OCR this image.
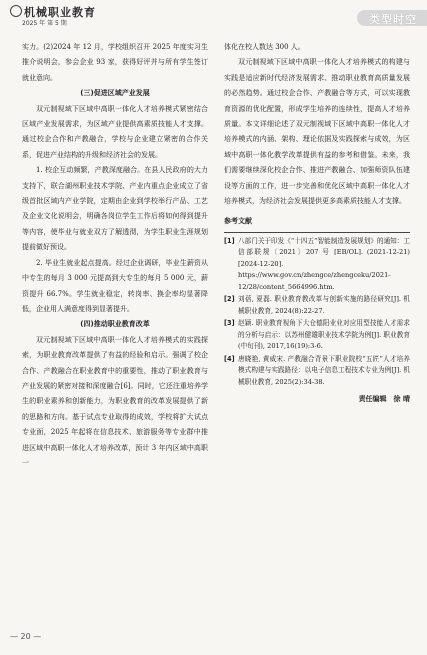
机械职业教育
2025 年 第 5 期	类型时空

实力。(2)2024 年 12 月，学校组织召开 2025 年度实习生推介说明会，参会企业 93 家，获得好评并与所有学生签订就业意向。

(三)促进区域产业发展

双元制视域下区域中高职一体化人才培养模式紧密结合区域产业发展需求，为区域产业提供高素质技能人才支撑。通过校企合作和产教融合，学校与企业建立紧密的合作关系，促进产业结构的升级和经济社会的发展。

1. 校企互动频繁，产教深度融合。在县人民政府的大力支持下，联合湖州职业技术学院、产业内重点企业成立了省级首批区域内产业学院，定期由企业到学校举行产品、工艺及企业文化说明会，明确各岗位学生工作后将如何得到提升等内容，使毕业与就业双方了解透彻，为学生职业生涯规划提前做好预设。

2. 毕业生就业起点提高。经过企业调研，毕业生薪资从中专生的每月 3 000 元提高到大专生的每月 5 000 元，薪资提升 66.7%。学生就业稳定，转岗率、换企率均显著降低，企业用人满意度得到显著提升。

(四)推动职业教育改革

双元制视域下区域中高职一体化人才培养模式的实践探索，为职业教育改革提供了有益的经验和启示。强调了校企合作、产教融合在职业教育中的重要性，推动了职业教育与产业发展的紧密对接和深度融合[6]。同时，它还注重培养学生的职业素养和创新能力，为职业教育的改革发展提供了新的思路和方向。基于试点专业取得的成效，学校将扩大试点专业面，2025 年起将在信息技术、旅游服务等专业群中推进区域中高职一体化人才培养改革，预计 3 年内区域中高职一

体化在校人数达 300 人。

双元制视域下区域中高职一体化人才培养模式的构建与实践是适应新时代经济发展需求、推动职业教育高质量发展的必然趋势。通过校企合作、产教融合等方式，可以实现教育资源的优化配置，形成学生培养的连续性，提高人才培养质量。本文详细论述了双元制视域下区域中高职一体化人才培养模式的内涵、架构、理论依据及实践探索与成效，为区域中高职一体化教学改革提供有益的参考和借鉴。未来，我们需要继续深化校企合作、推进产教融合、加强师资队伍建设等方面的工作，进一步完善和优化区域中高职一体化人才培养模式，为经济社会发展提供更多高素质技能人才支撑。

参考文献

[1] 八部门关于印发《“十四五”智能制造发展规划》的通知：工信部联规〔2021〕207 号 [EB/OL]. (2021-12-21)[2024-12-20]. https://www.gov.cn/zhengce/zhengceku/2021-12/28/content_5664996.htm.

[2] 刘蓓, 夏磊. 职业教育教改革与创新实施的路径研究[J]. 机械职业教育, 2024(8):22-27.

[3] 赵颖. 职业教育视角下大仓德阳业业对应用型技能人才需求的分析与启示：以苏州健雄职业技术学院为例[J]. 职业教育(中旬刊), 2017,16(19):3-6.

[4] 唐晓艳, 黄威宋. 产教融合背景下职业院校“五匠”人才培养模式构建与实践路径：以电子信息工程技术专业为例[J]. 机械职业教育, 2025(2):34-38.

责任编辑　徐 晴

— 20 —
